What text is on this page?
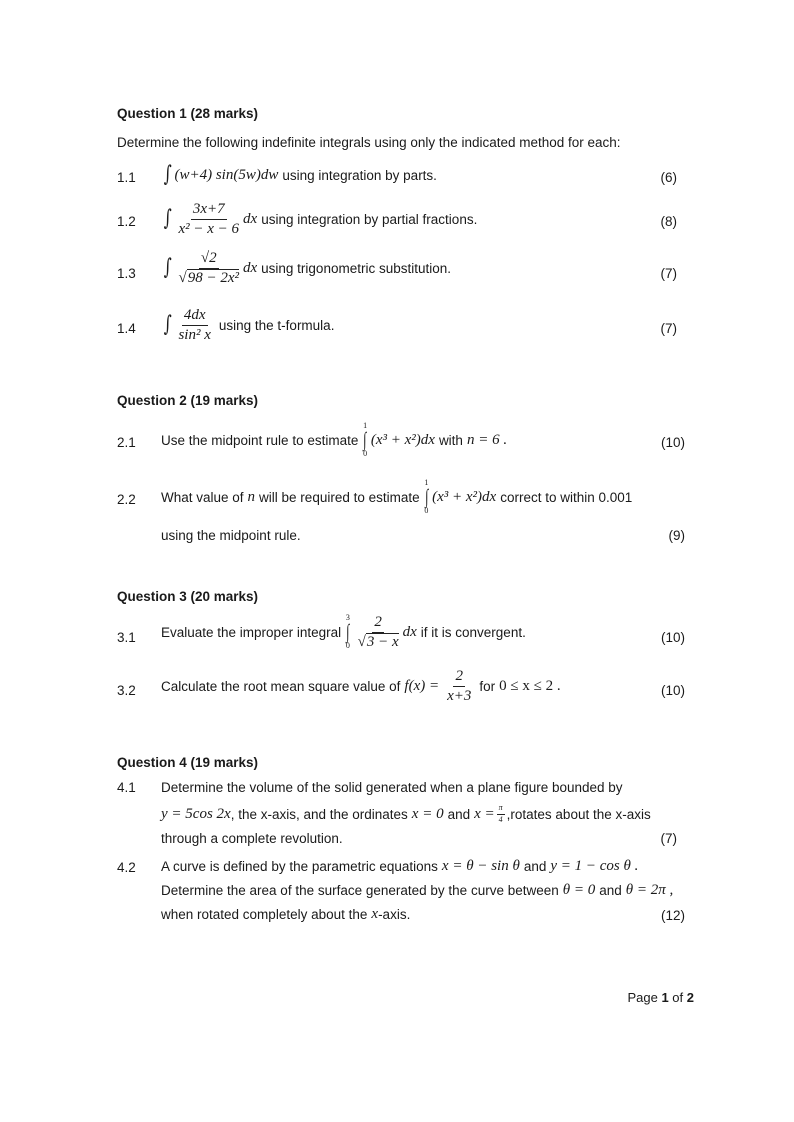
Question 1 (28 marks)
Determine the following indefinite integrals using only the indicated method for each:
1.1 ∫ (w+4) sin(5w)dw using integration by parts.	(6)
1.2 ∫ $\frac{3x+7}{\text{x² − x − 6}}$ dx using integration by partial fractions.	(8)
1.3 ∫ $\frac{√2}{\text{√98 − 2x²}}$ dx using trigonometric substitution.	(7)
1.4 ∫ $\frac{4dx}{\text{sin² x}}$ using the t-formula.	(7)
Question 2 (19 marks)
2.1 Use the midpoint rule to estimate
1
∫
0
(x³ + x²)dx with n = 6 .	(10)
2.2 What value of n will be required to estimate
1
∫
0
(x³ + x²)dx correct to within 0.001
using the midpoint rule.	(9)
Question 3 (20 marks)
3.1 Evaluate the improper integral
3
∫
$0 \frac{2}{√3 - x}$ dx if it is convergent.	(10)
3.2 Calculate the root mean square value of $f(x) = \frac{2}{x+3}$ for 0 ≤ x ≤ 2 .	(10)
Question 4 (19 marks)
4.1 Determine the volume of the solid generated when a plane figure bounded by
y = 5cos 2x , the x-axis, and the ordinates x = 0 and $x = \frac{\pi}{4}$ ,rotates about the x-axis
through a complete revolution.	(7)
4.2 A curve is defined by the parametric equations x = θ − sin θ and y = 1 − cos θ .
Determine the area of the surface generated by the curve between θ = 0 and θ = 2π ,
when rotated completely about the x -axis.	(12)
Page 1 of 2
